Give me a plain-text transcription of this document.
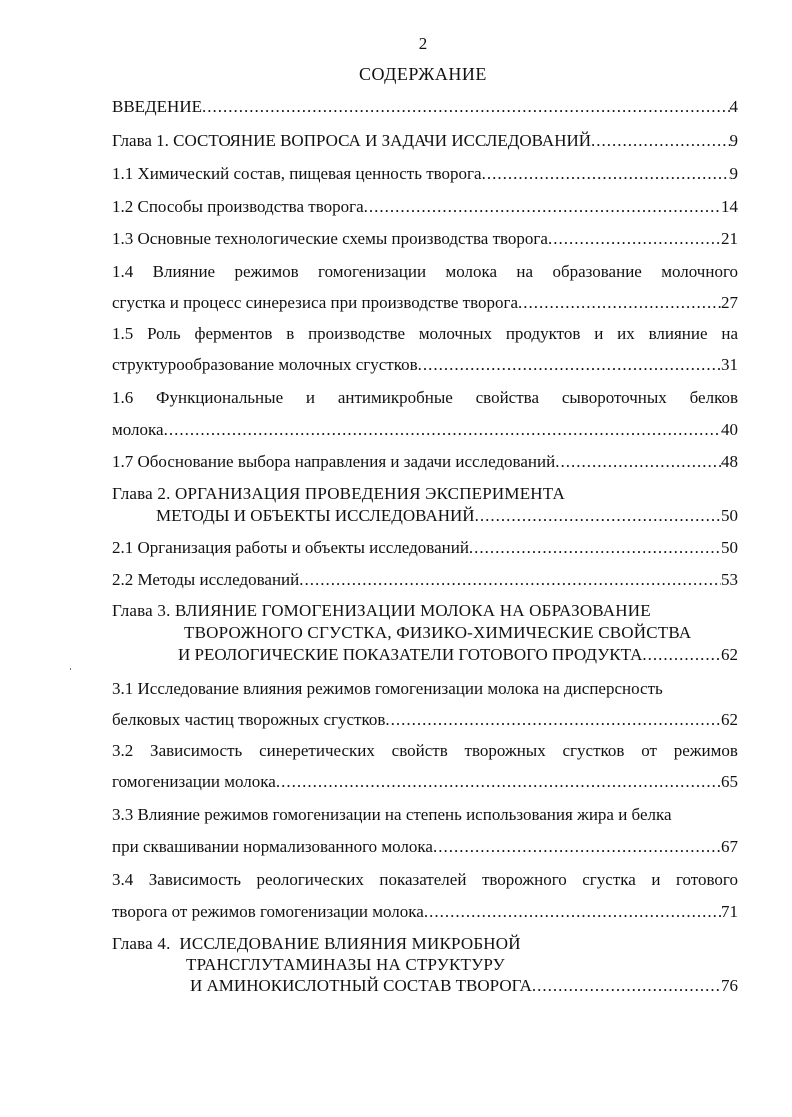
2
СОДЕРЖАНИЕ
ВВЕДЕНИЕ .....	4
Глава 1. СОСТОЯНИЕ ВОПРОСА И ЗАДАЧИ ИССЛЕДОВАНИЙ .....	9
1.1 Химический состав, пищевая ценность творога .....	9
1.2 Способы производства творога .....	14
1.3 Основные технологические схемы производства творога .....	21
1.4 Влияние режимов гомогенизации молока на образование молочного
сгустка и процесс синерезиса при производстве творога .....	27
1.5 Роль ферментов в производстве молочных продуктов и их влияние на
структурообразование молочных сгустков .....	31
1.6 Функциональные и антимикробные свойства сывороточных белков
молока .....	40
1.7 Обоснование выбора направления и задачи исследований .....	48
Глава 2. ОРГАНИЗАЦИЯ ПРОВЕДЕНИЯ ЭКСПЕРИМЕНТА
МЕТОДЫ И ОБЪЕКТЫ ИССЛЕДОВАНИЙ .....	50
2.1 Организация работы и объекты исследований .....	50
2.2 Методы исследований .....	53
Глава 3. ВЛИЯНИЕ ГОМОГЕНИЗАЦИИ МОЛОКА НА ОБРАЗОВАНИЕ
ТВОРОЖНОГО СГУСТКА, ФИЗИКО-ХИМИЧЕСКИЕ СВОЙСТВА
И РЕОЛОГИЧЕСКИЕ ПОКАЗАТЕЛИ ГОТОВОГО ПРОДУКТА .....	62
3.1 Исследование влияния режимов гомогенизации молока на дисперсность
белковых частиц творожных сгустков .....	62
3.2 Зависимость синеретических свойств творожных сгустков от режимов
гомогенизации молока .....	65
3.3 Влияние режимов гомогенизации на степень использования жира и белка
при сквашивании нормализованного молока .....	67
3.4 Зависимость реологических показателей творожного сгустка и готового
творога от режимов гомогенизации молока .....	71
Глава 4.  ИССЛЕДОВАНИЕ ВЛИЯНИЯ МИКРОБНОЙ
ТРАНСГЛУТАМИНАЗЫ НА СТРУКТУРУ
И АМИНОКИСЛОТНЫЙ СОСТАВ ТВОРОГА .....	76
